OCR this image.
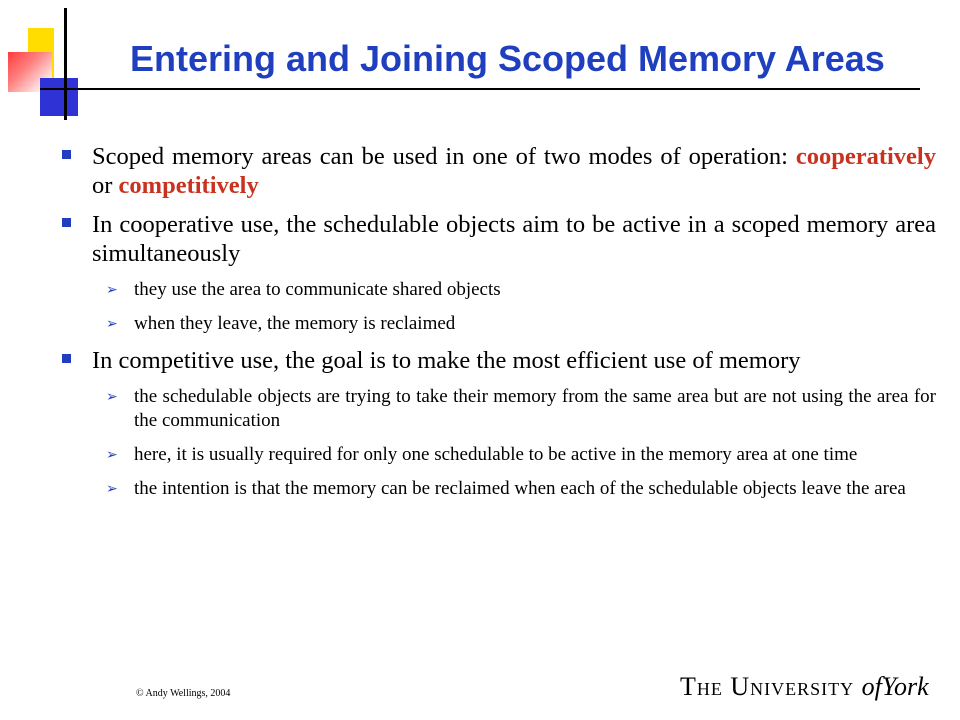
Entering and Joining Scoped Memory Areas
Scoped memory areas can be used in one of two modes of operation: cooperatively or competitively
In cooperative use, the schedulable objects aim to be active in a scoped memory area simultaneously
➢ they use the area to communicate shared objects
➢ when they leave, the memory is reclaimed
In competitive use, the goal is to make the most efficient use of memory
➢ the schedulable objects are trying to take their memory from the same area but are not using the area for the communication
➢ here, it is usually required for only one schedulable to be active in the memory area at one time
➢ the intention is that the memory can be reclaimed when each of the schedulable objects leave the area
© Andy Wellings, 2004	The University ofYork
